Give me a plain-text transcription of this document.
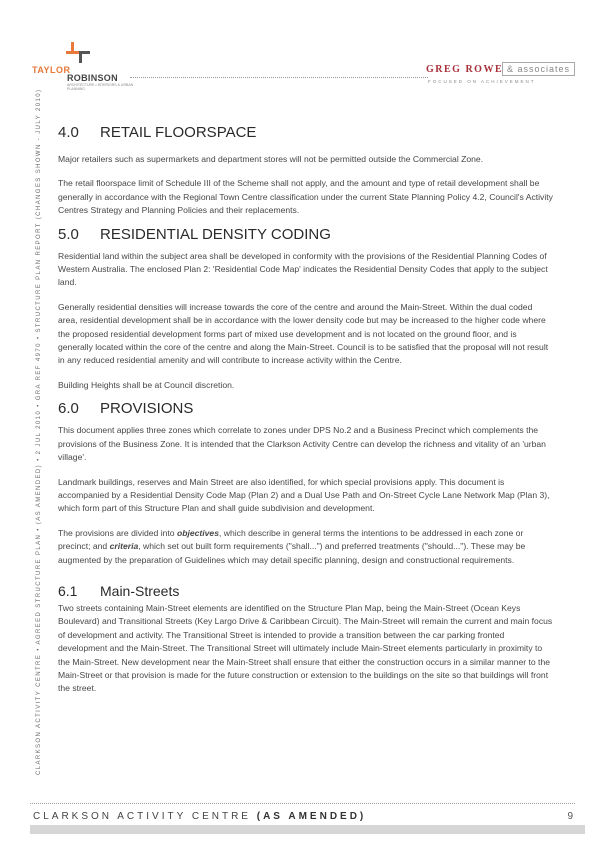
TAYLOR
ROBINSON
ARCHITECTURE • INTERIORS & URBAN PLANNING
GREG ROWE & associates
FOCUSED ON ACHIEVEMENT
CLARKSON ACTIVITY CENTRE • AGREED STRUCTURE PLAN • (AS AMENDED) • 2 JUL 2010 • GRA REF 4970 • STRUCTURE PLAN REPORT (CHANGES SHOWN - JULY 2010) 4.0	RETAIL FLOORSPACE

Major retailers such as supermarkets and department stores will not be permitted outside the Commercial Zone.

The retail floorspace limit of Schedule III of the Scheme shall not apply, and the amount and type of retail development shall be generally in accordance with the Regional Town Centre classification under the current State Planning Policy 4.2, Council's Activity Centres Strategy and Planning Policies and their replacements.

5.0	RESIDENTIAL DENSITY CODING

Residential land within the subject area shall be developed in conformity with the provisions of the Residential Planning Codes of Western Australia. The enclosed Plan 2: 'Residential Code Map' indicates the Residential Density Codes that apply to the subject land.

Generally residential densities will increase towards the core of the centre and around the Main-Street. Within the dual coded area, residential development shall be in accordance with the lower density code but may be increased to the higher code where the proposed residential development forms part of mixed use development and is not located on the ground floor, and is generally located within the core of the centre and along the Main-Street. Council is to be satisfied that the proposal will not result in any reduced residential amenity and will contribute to increase activity within the Centre.

Building Heights shall be at Council discretion.

6.0	PROVISIONS

This document applies three zones which correlate to zones under DPS No.2 and a Business Precinct which complements the provisions of the Business Zone. It is intended that the Clarkson Activity Centre can develop the richness and vitality of an 'urban village'.

Landmark buildings, reserves and Main Street are also identified, for which special provisions apply. This document is accompanied by a Residential Density Code Map (Plan 2) and a Dual Use Path and On-Street Cycle Lane Network Map (Plan 3), which form part of this Structure Plan and shall guide subdivision and development.

The provisions are divided into objectives, which describe in general terms the intentions to be addressed in each zone or precinct; and criteria, which set out built form requirements ("shall...") and preferred treatments ("should..."). These may be augmented by the preparation of Guidelines which may detail specific planning, design and constructional requirements.

6.1	Main-Streets

Two streets containing Main-Street elements are identified on the Structure Plan Map, being the Main-Street (Ocean Keys Boulevard) and Transitional Streets (Key Largo Drive & Caribbean Circuit). The Main-Street will remain the current and main focus of development and activity. The Transitional Street is intended to provide a transition between the car parking fronted development and the Main-Street. The Transitional Street will ultimately include Main-Street elements particularly in proximity to the Main-Street. New development near the Main-Street shall ensure that either the construction occurs in a similar manner to the Main-Street or that provision is made for the future construction or extension to the buildings on the site so that buildings will front the street.

CLARKSON ACTIVITY CENTRE (AS AMENDED)	9
